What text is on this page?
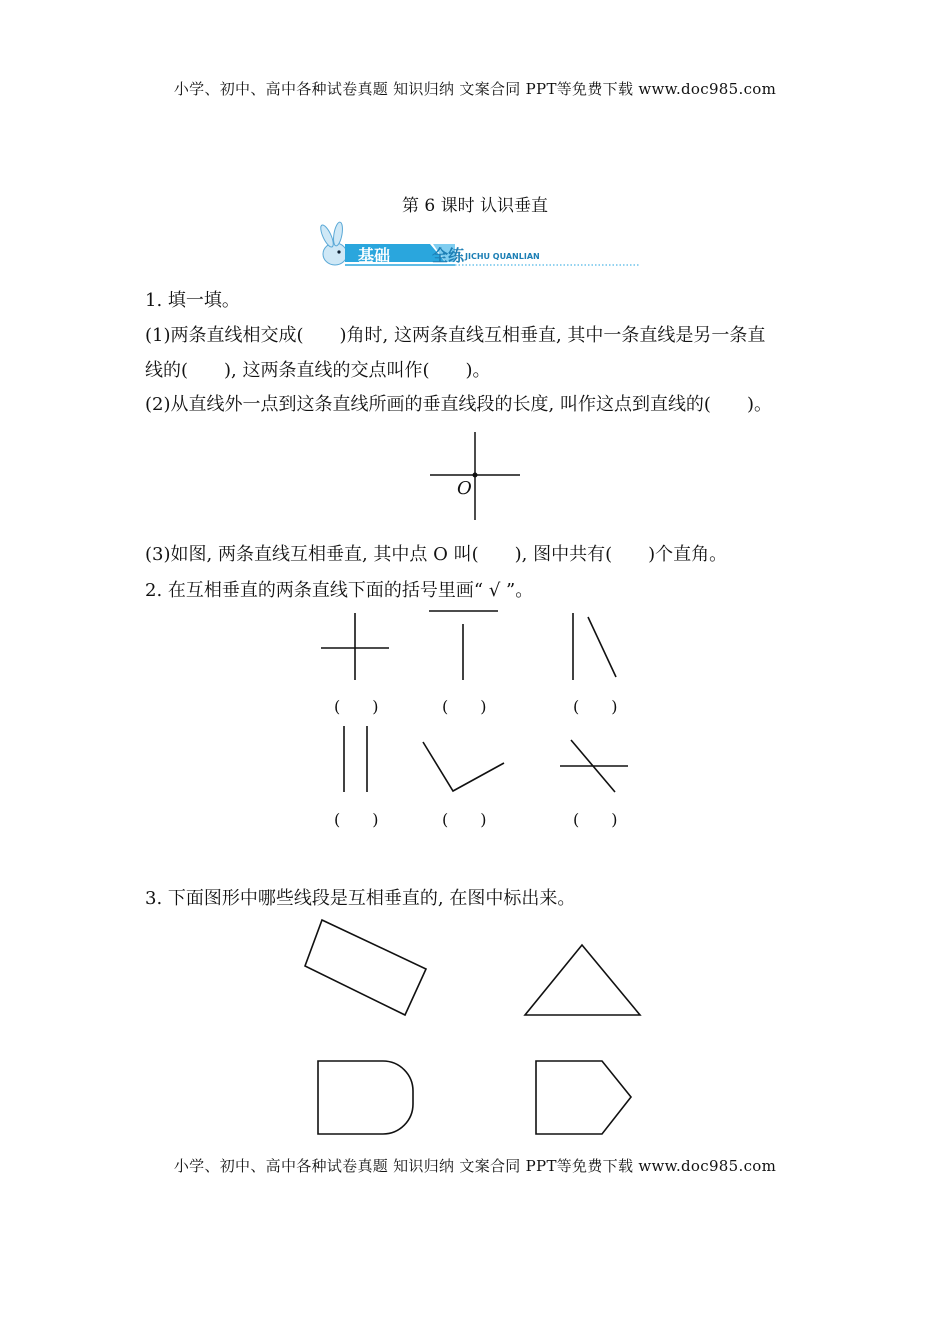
小学、初中、高中各种试卷真题 知识归纳 文案合同 PPT等免费下载 www.doc985.com
第 6 课时 认识垂直
基础	全练 JICHU QUANLIAN
1. 填一填。
(1)两条直线相交成(　　)角时, 这两条直线互相垂直, 其中一条直线是另一条直
线的(　　), 这两条直线的交点叫作(　　)。
(2)从直线外一点到这条直线所画的垂直线段的长度, 叫作这点到直线的(　　)。
O
(3)如图, 两条直线互相垂直, 其中点 O 叫(　　), 图中共有(　　)个直角。
2. 在互相垂直的两条直线下面的括号里画“ √ ”。
(　　)	(　　)	(　　)
(　　)	(　　)	(　　)
3. 下面图形中哪些线段是互相垂直的, 在图中标出来。
小学、初中、高中各种试卷真题 知识归纳 文案合同 PPT等免费下载 www.doc985.com
